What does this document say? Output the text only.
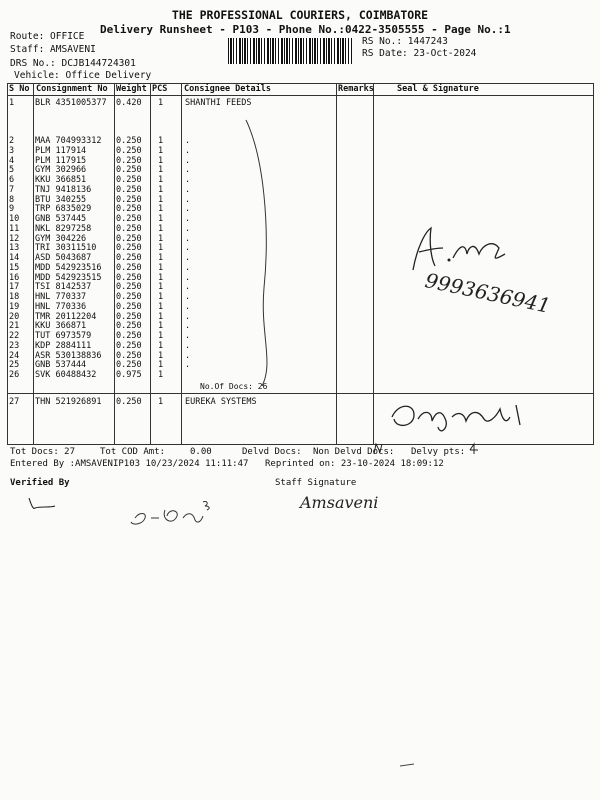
THE PROFESSIONAL COURIERS, COIMBATORE
Delivery Runsheet - P103 - Phone No.:0422-3505555 - Page No.:1
Route: OFFICE
Staff: AMSAVENI
DRS No.: DCJB144724301
Vehicle: Office Delivery
RS No.: 1447243
RS Date: 23-Oct-2024
S No Consignment No Weight PCS Consignee Details	Remarks	Seal & Signature
1 BLR 4351005377 0.420 1	SHANTHI FEEDS
2 MAA 704993312 0.250 1	.
3 PLM 117914	0.250 1	.
4 PLM 117915	0.250 1	.
5 GYM 302966	0.250 1	.
6 KKU 366851	0.250 1	.
7 TNJ 9418136	0.250 1	.
8 BTU 340255	0.250 1	.
9 TRP 6835029	0.250 1	.
10 GNB 537445	0.250 1	.
11 NKL 8297258	0.250 1	.
12 GYM 304226	0.250 1	.
13 TRI 30311510 0.250 1	.
14 ASD 5043687	0.250 1	.
15 MDD 542923516 0.250 1	.
16 MDD 542923515 0.250 1	.
17 TSI 8142537	0.250 1	.
18 HNL 770337	0.250 1	.
19 HNL 770336	0.250 1	.
20 TMR 20112204 0.250 1	.
21 KKU 366871	0.250 1	.
22 TUT 6973579	0.250 1	.
23 KDP 2884111	0.250 1	.
24 ASR 530138836 0.250 1	.
25 GNB 537444	0.250 1	.
26 SVK 60488432 0.975 1
No.Of Docs: 26
27 THN 521926891 0.250 1	EUREKA SYSTEMS
9993636941
Tot Docs: 27	Tot COD Amt:	0.00	Delvd Docs: Non Delvd Docs: Delvy pts:
Entered By :AMSAVENIP103 10/23/2024 11:11:47 Reprinted on: 23-10-2024 18:09:12
Verified By	Staff Signature
Amsaveni
